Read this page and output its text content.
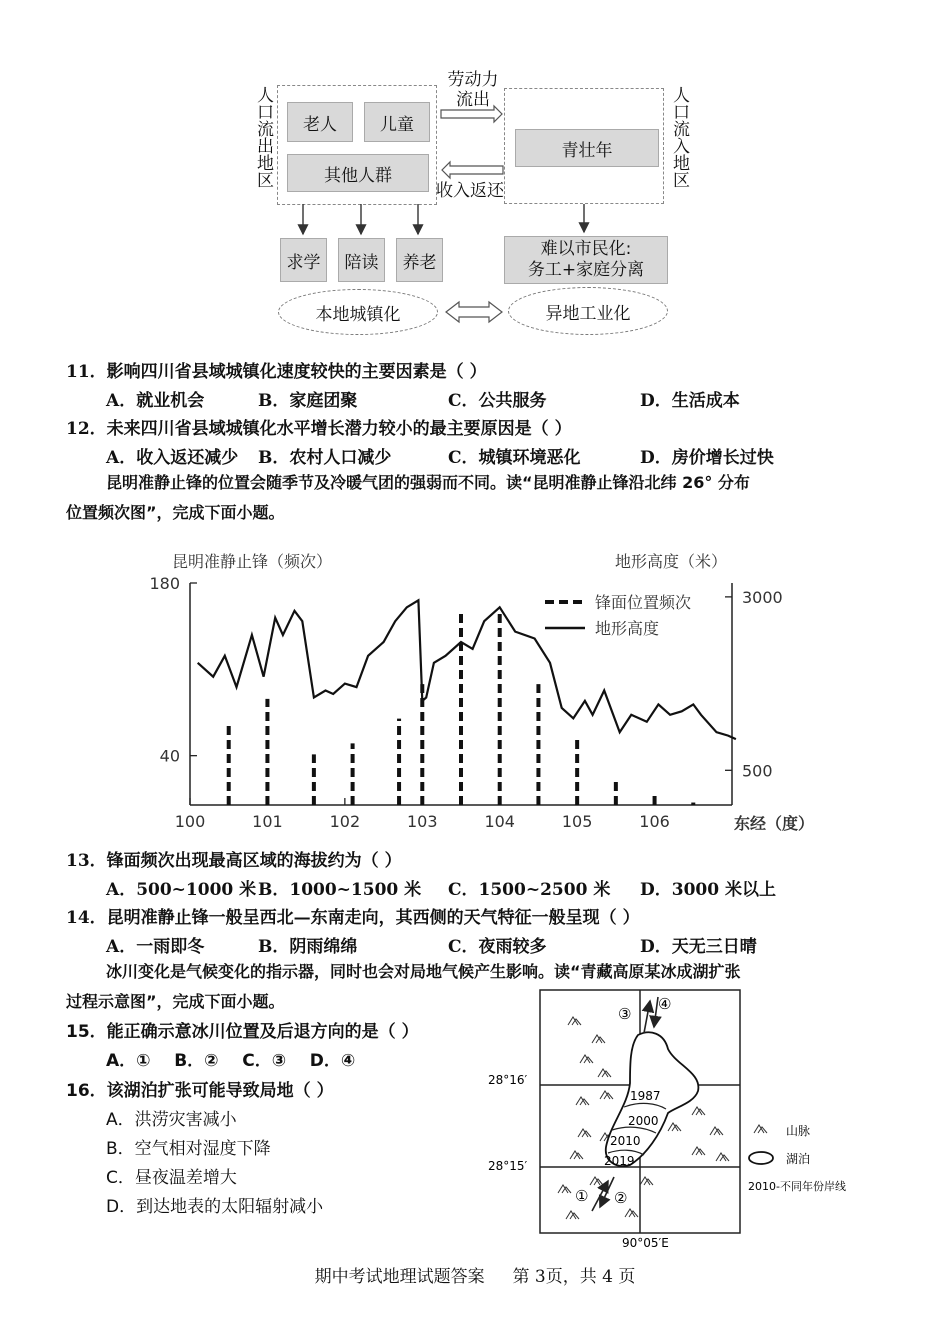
人口流出地区	人口流入地区
老人	儿童
其他人群
青壮年
劳动力
流出
收入返还
求学 陪读 养老
难以市民化:
务工+家庭分离
本地城镇化	异地工业化
11．影响四川省县域城镇化速度较快的主要因素是（ ）
A．就业机会	B．家庭团聚	C．公共服务	D．生活成本
12．未来四川省县域城镇化水平增长潜力较小的最主要原因是（ ）
A．收入返还减少 B．农村人口减少	C．城镇环境恶化	D．房价增长过快
昆明准静止锋的位置会随季节及冷暖气团的强弱而不同。读“昆明准静止锋沿北纬 26° 分布
位置频次图”，完成下面小题。
昆明准静止锋（频次）	地形高度（米）
180
40
3000
500
100	101	102	103	104	105	106	东经（度）
锋面位置频次
地形高度
13．锋面频次出现最高区域的海拔约为（ ）
A．500~1000 米 B．1000~1500 米 C．1500~2500 米 D．3000 米以上
14．昆明准静止锋一般呈西北—东南走向，其西侧的天气特征一般呈现（ ）
A．一雨即冬	B．阴雨绵绵	C．夜雨较多	D．天无三日晴
冰川变化是气候变化的指示器，同时也会对局地气候产生影响。读“青藏高原某冰成湖扩张
过程示意图”，完成下面小题。
15．能正确示意冰川位置及后退方向的是（ ）
A．①    B．②    C．③    D．④
16．该湖泊扩张可能导致局地（ ）
A．洪涝灾害减小
B．空气相对湿度下降
C．昼夜温差增大
D．到达地表的太阳辐射减小
28°16′
28°15′
90°05′E
1987
2000
2010
2019
③
④
① ②
山脉
湖泊
2010-不同年份岸线
期中考试地理试题答案　  第 3页，共 4 页
